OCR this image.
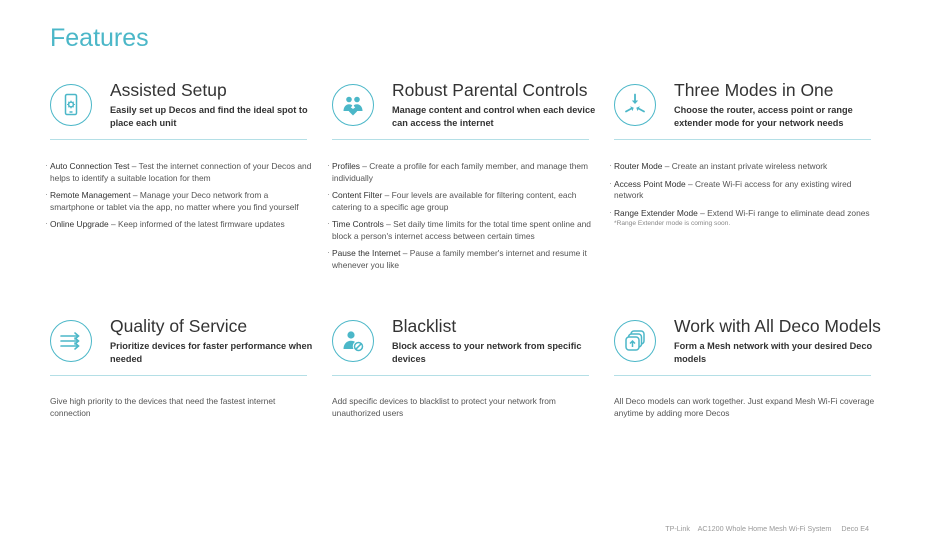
Features
Assisted Setup

Easily set up Decos and find the ideal spot to place each unit

· Auto Connection Test – Test the internet connection of your Decos and helps to identify a suitable location for them
· Remote Management – Manage your Deco network from a smartphone or tablet via the app, no matter where you find yourself
· Online Upgrade – Keep informed of the latest firmware updates
Robust Parental Controls

Manage content and control when each device can access the internet

· Profiles – Create a profile for each family member, and manage them individually
· Content Filter – Four levels are available for filtering content, each catering to a specific age group
· Time Controls – Set daily time limits for the total time spent online and block a person's internet access between certain times
· Pause the Internet – Pause a family member's internet and resume it whenever you like
Three Modes in One

Choose the router, access point or range extender mode for your network needs

· Router Mode – Create an instant private wireless network
· Access Point Mode – Create Wi-Fi access for any existing wired network
· Range Extender Mode – Extend Wi-Fi range to eliminate dead zones
*Range Extender mode is coming soon.
Quality of Service

Prioritize devices for faster performance when needed

Give high priority to the devices that need the fastest internet connection

Blacklist

Block access to your network from specific devices

Add specific devices to blacklist to protect your network from unauthorized users

Work with All Deco Models

Form a Mesh network with your desired Deco models

All Deco models can work together. Just expand Mesh Wi-Fi coverage anytime by adding more Decos

TP-Link AC1200 Whole Home Mesh Wi-Fi System Deco E4
